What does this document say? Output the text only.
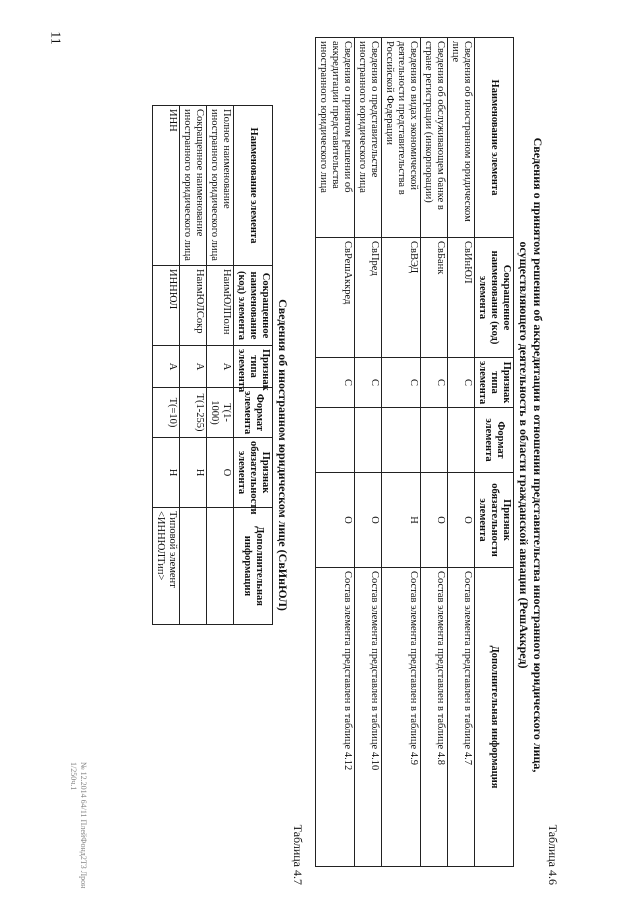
11
№ 12.2014 64/11 ПлейФонд2ТЗ Лрон 1/250ч.1

Таблица 4.6

Сведения о принятом решении об аккредитации в отношении представительства иностранного юридического лица,

осуществляющего деятельность в области гражданской авиации (РешАккред)

Наименование элемента	Сокращенное наименование (код) элемента	Признак типа элемента	Формат элемента	Признак обязательности элемента	Дополнительная информация
Сведения об иностранном юридическом лице	СвИнЮЛ	С		О	Состав элемента представлен в таблице 4.7
Сведения об обслуживающем банке в стране регистрации (инкорпорации)	СвБанк	С		О	Состав элемента представлен в таблице 4.8
Сведения о видах экономической деятельности представительства в Российской Федерации	СвВЭД	С		Н	Состав элемента представлен в таблице 4.9
Сведения о представительстве иностранного юридического лица	СвПред	С		О	Состав элемента представлен в таблице 4.10
Сведения о принятом решении об аккредитации представительства иностранного юридического лица	СвРешАккред	С		О	Состав элемента представлен в таблице 4.12

Таблица 4.7

Сведения об иностранном юридическом лице (СвИнЮЛ)

Наименование элемента	Сокращенное наименование (код) элемента	Признак типа элемента	Формат элемента	Признак обязательности элемента	Дополнительная информация
Полное наименование иностранного юридического лица	НаимЮЛПолн	А	Т(1-1000)	О	
Сокращенное наименование иностранного юридического лица	НаимЮЛСокр	А	Т(1-255)	Н	
ИНН	ИННЮЛ	А	Т(=10)	Н	Типовой элемент <ИННЮЛТип>
